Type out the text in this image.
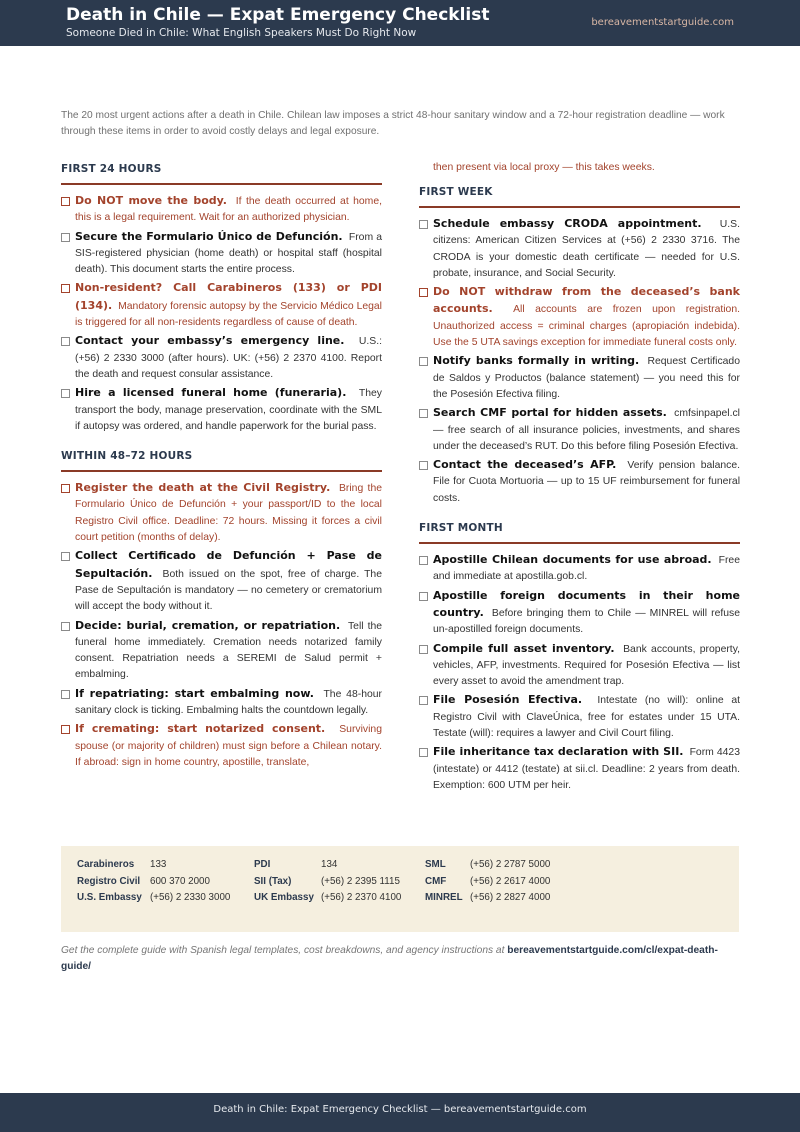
Death in Chile — Expat Emergency Checklist
Someone Died in Chile: What English Speakers Must Do Right Now
bereavementstartguide.com
The 20 most urgent actions after a death in Chile. Chilean law imposes a strict 48-hour sanitary window and a 72-hour registration deadline — work through these items in order to avoid costly delays and legal exposure.
FIRST 24 HOURS
Do NOT move the body. If the death occurred at home, this is a legal requirement. Wait for an authorized physician.
Secure the Formulario Único de Defunción. From a SIS-registered physician (home death) or hospital staff (hospital death). This document starts the entire process.
Non-resident? Call Carabineros (133) or PDI (134). Mandatory forensic autopsy by the Servicio Médico Legal is triggered for all non-residents regardless of cause of death.
Contact your embassy’s emergency line. U.S.: (+56) 2 2330 3000 (after hours). UK: (+56) 2 2370 4100. Report the death and request consular assistance.
Hire a licensed funeral home (funeraria). They transport the body, manage preservation, coordinate with the SML if autopsy was ordered, and handle paperwork for the burial pass.
WITHIN 48–72 HOURS
Register the death at the Civil Registry. Bring the Formulario Único de Defunción + your passport/ID to the local Registro Civil office. Deadline: 72 hours. Missing it forces a civil court petition (months of delay).
Collect Certificado de Defunción + Pase de Sepultación. Both issued on the spot, free of charge. The Pase de Sepultación is mandatory — no cemetery or crematorium will accept the body without it.
Decide: burial, cremation, or repatriation. Tell the funeral home immediately. Cremation needs notarized family consent. Repatriation needs a SEREMI de Salud permit + embalming.
If repatriating: start embalming now. The 48-hour sanitary clock is ticking. Embalming halts the countdown legally.
If cremating: start notarized consent. Surviving spouse (or majority of children) must sign before a Chilean notary. If abroad: sign in home country, apostille, translate,
then present via local proxy — this takes weeks.
FIRST WEEK
Schedule embassy CRODA appointment. U.S. citizens: American Citizen Services at (+56) 2 2330 3716. The CRODA is your domestic death certificate — needed for U.S. probate, insurance, and Social Security.
Do NOT withdraw from the deceased’s bank accounts. All accounts are frozen upon registration. Unauthorized access = criminal charges (apropiación indebida). Use the 5 UTA savings exception for immediate funeral costs only.
Notify banks formally in writing. Request Certificado de Saldos y Productos (balance statement) — you need this for the Posesión Efectiva filing.
Search CMF portal for hidden assets. cmfsinpapel.cl — free search of all insurance policies, investments, and shares under the deceased’s RUT. Do this before filing Posesión Efectiva.
Contact the deceased’s AFP. Verify pension balance. File for Cuota Mortuoria — up to 15 UF reimbursement for funeral costs.
FIRST MONTH
Apostille Chilean documents for use abroad. Free and immediate at apostilla.gob.cl.
Apostille foreign documents in their home country. Before bringing them to Chile — MINREL will refuse un-apostilled foreign documents.
Compile full asset inventory. Bank accounts, property, vehicles, AFP, investments. Required for Posesión Efectiva — list every asset to avoid the amendment trap.
File Posesión Efectiva. Intestate (no will): online at Registro Civil with ClaveÚnica, free for estates under 15 UTA. Testate (will): requires a lawyer and Civil Court filing.
File inheritance tax declaration with SII. Form 4423 (intestate) or 4412 (testate) at sii.cl. Deadline: 2 years from death. Exemption: 600 UTM per heir.
Carabineros 133
Registro Civil 600 370 2000
U.S. Embassy (+56) 2 2330 3000
PDI	134
SII (Tax)	(+56) 2 2395 1115
UK Embassy (+56) 2 2370 4100
SML (+56) 2 2787 5000
CMF (+56) 2 2617 4000
MINREL (+56) 2 2827 4000
Get the complete guide with Spanish legal templates, cost breakdowns, and agency instructions at bereavementstartguide.com/cl/expat-death-guide/
Death in Chile: Expat Emergency Checklist — bereavementstartguide.com
